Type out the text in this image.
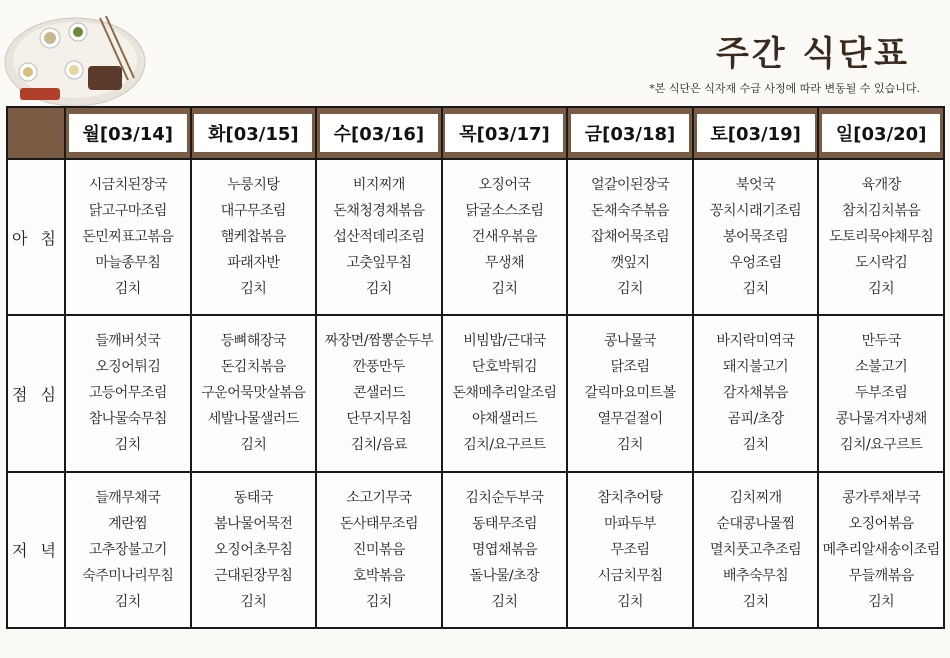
주간 식단표
*본 식단은 식자재 수급 사정에 따라 변동될 수 있습니다.
	월[03/14]	화[03/15]	수[03/16]	목[03/17]	금[03/18]	토[03/19]	일[03/20]
아 침	시금치된장국
닭고구마조림
돈민찌표고볶음
마늘종무침
김치	누룽지탕
대구무조림
햄케찹볶음
파래자반
김치	비지찌개
돈채청경채볶음
섭산적데리조림
고춧잎무침
김치	오징어국
닭굴소스조림
건새우볶음
무생채
김치	얼갈이된장국
돈채숙주볶음
잡채어묵조림
깻잎지
김치	북엇국
꽁치시래기조림
봉어묵조림
우엉조림
김치	육개장
참치김치볶음
도토리묵야채무침
도시락김
김치

점 심	들깨버섯국
오징어튀김
고등어무조림
참나물숙무침
김치	등뼈해장국
돈김치볶음
구운어묵맛살볶음
세발나물샐러드
김치	짜장면/짬뽕순두부
깐풍만두
콘샐러드
단무지무침
김치/음료	비빔밥/근대국
단호박튀김
돈채메추리알조림
야채샐러드
김치/요구르트	콩나물국
닭조림
갈릭마요미트볼
열무겉절이
김치	바지락미역국
돼지불고기
감자채볶음
곰피/초장
김치	만두국
소불고기
두부조림
콩나물겨자냉채
김치/요구르트

저 녁	들깨무채국
계란찜
고추장불고기
숙주미나리무침
김치	동태국
봄나물어묵전
오징어초무침
근대된장무침
김치	소고기무국
돈사태무조림
진미볶음
호박볶음
김치	김치순두부국
동태무조림
명엽채볶음
돌나물/초장
김치	참치추어탕
마파두부
무조림
시금치무침
김치	김치찌개
순대콩나물찜
멸치풋고추조림
배추숙무침
김치	콩가루채부국
오징어볶음
메추리알새송이조림
무들깨볶음
김치
